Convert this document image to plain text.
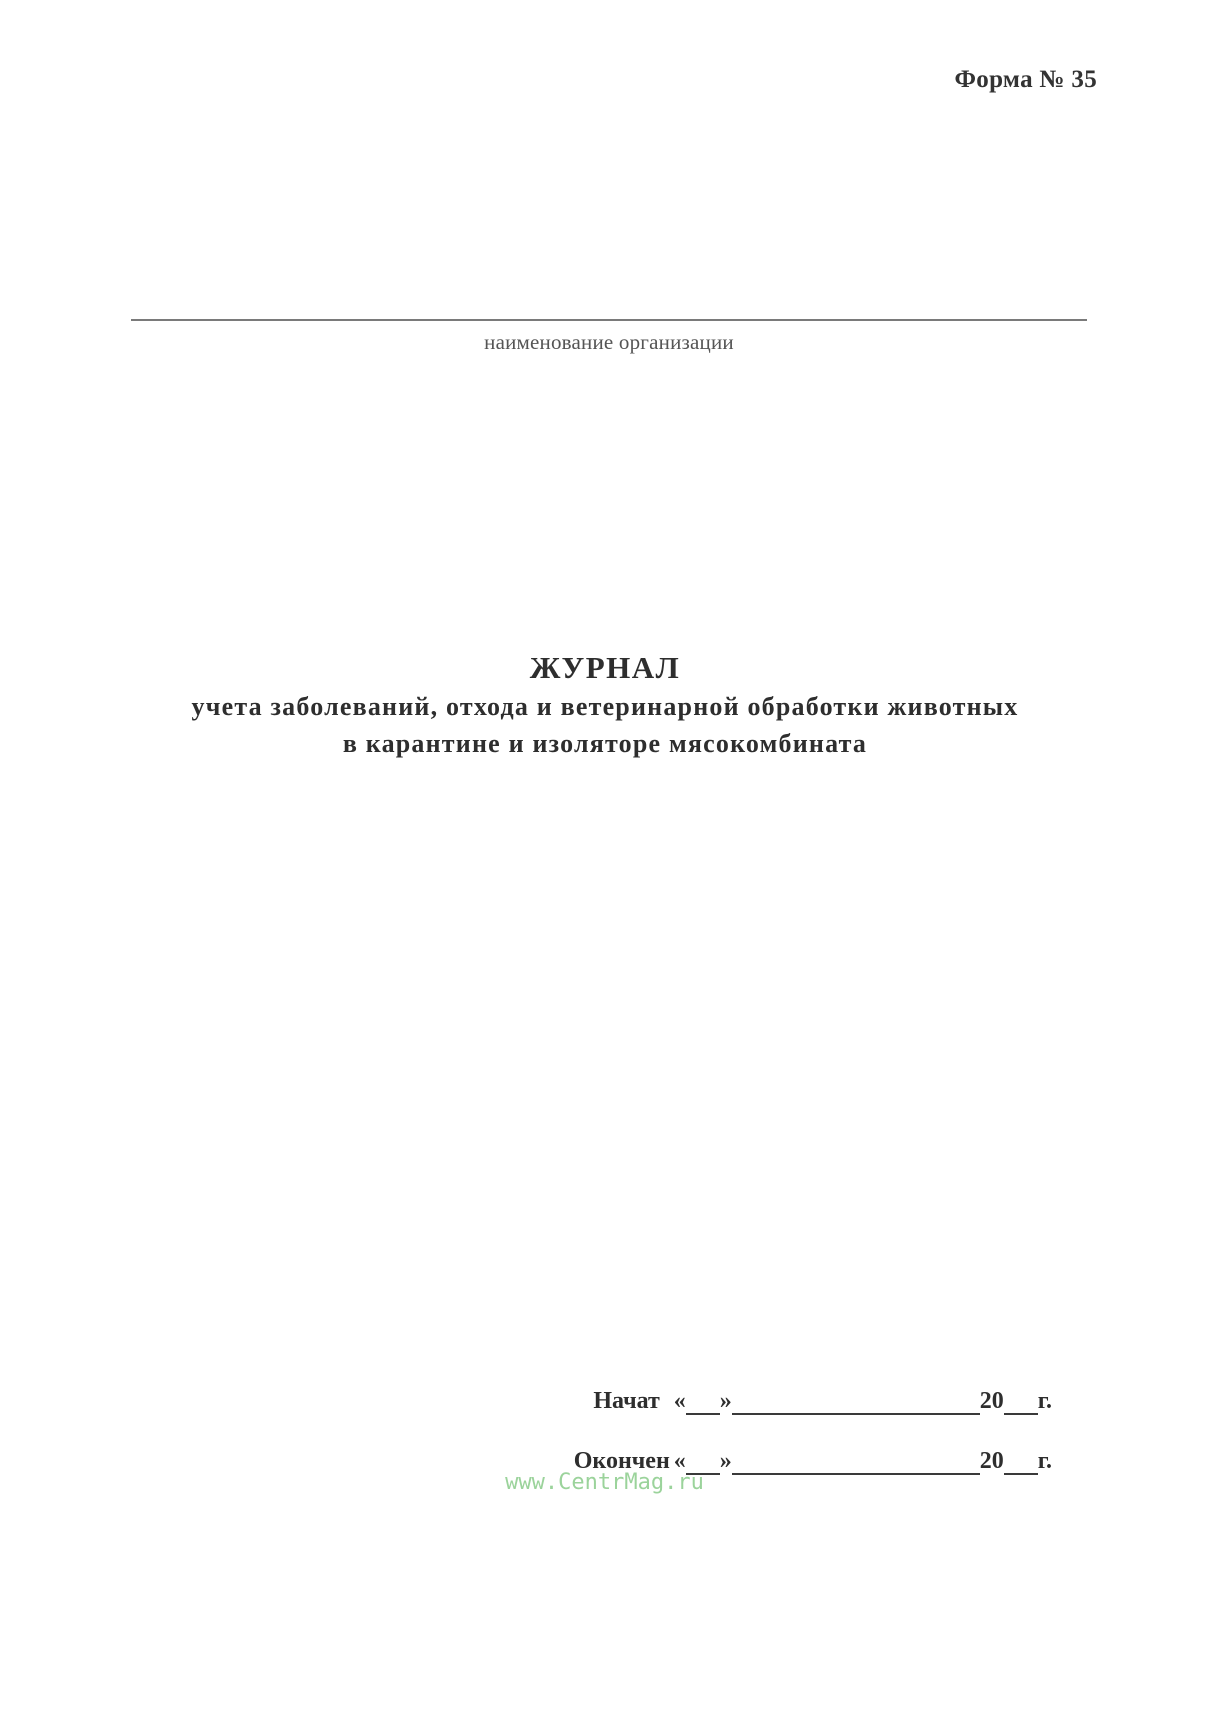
Форма № 35
наименование организации
ЖУРНАЛ
учета заболеваний, отхода и ветеринарной обработки животных
в карантине и изоляторе мясокомбината
Начат « »	20 г.
Окончен « »	20 г.
www.CentrMag.ru
